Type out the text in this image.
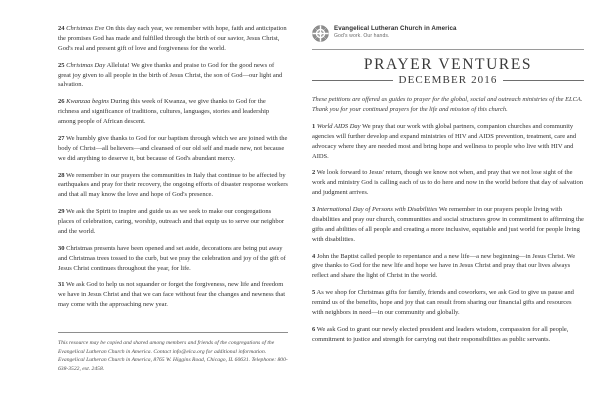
24 Christmas Eve On this day each year, we remember with hope, faith and anticipation the promises God has made and fulfilled through the birth of our savior, Jesus Christ, God's real and present gift of love and forgiveness for the world.
25 Christmas Day Alleluia! We give thanks and praise to God for the good news of great joy given to all people in the birth of Jesus Christ, the son of God—our light and salvation.
26 Kwanzaa begins During this week of Kwanza, we give thanks to God for the richness and significance of traditions, cultures, languages, stories and leadership among people of African descent.
27 We humbly give thanks to God for our baptism through which we are joined with the body of Christ—all believers—and cleansed of our old self and made new, not because we did anything to deserve it, but because of God's abundant mercy.
28 We remember in our prayers the communities in Italy that continue to be affected by earthquakes and pray for their recovery, the ongoing efforts of disaster response workers and that all may know the love and hope of God's presence.
29 We ask the Spirit to inspire and guide us as we seek to make our congregations places of celebration, caring, worship, outreach and that equip us to serve our neighbor and the world.
30 Christmas presents have been opened and set aside, decorations are being put away and Christmas trees tossed to the curb, but we pray the celebration and joy of the gift of Jesus Christ continues throughout the year, for life.
31 We ask God to help us not squander or forget the forgiveness, new life and freedom we have in Jesus Christ and that we can face without fear the changes and newness that may come with the approaching new year.
This resource may be copied and shared among members and friends of the congregations of the Evangelical Lutheran Church in America. Contact info@elca.org for additional information. Evangelical Lutheran Church in America, 8765 W. Higgins Road, Chicago, IL 60631. Telephone: 800-638-3522, ext. 2458.
Evangelical Lutheran Church in America
God's work. Our hands.
PRAYER VENTURES
DECEMBER 2016
These petitions are offered as guides to prayer for the global, social and outreach ministries of the ELCA. Thank you for your continued prayers for the life and mission of this church.
1 World AIDS Day We pray that our work with global partners, companion churches and community agencies will further develop and expand ministries of HIV and AIDS prevention, treatment, care and advocacy where they are needed most and bring hope and wellness to people who live with HIV and AIDS.
2 We look forward to Jesus' return, though we know not when, and pray that we not lose sight of the work and ministry God is calling each of us to do here and now in the world before that day of salvation and judgment arrives.
3 International Day of Persons with Disabilities We remember in our prayers people living with disabilities and pray our church, communities and social structures grow in commitment to affirming the gifts and abilities of all people and creating a more inclusive, equitable and just world for people living with disabilities.
4 John the Baptist called people to repentance and a new life—a new beginning—in Jesus Christ. We give thanks to God for the new life and hope we have in Jesus Christ and pray that our lives always reflect and share the light of Christ in the world.
5 As we shop for Christmas gifts for family, friends and coworkers, we ask God to give us pause and remind us of the benefits, hope and joy that can result from sharing our financial gifts and resources with neighbors in need—in our community and globally.
6 We ask God to grant our newly elected president and leaders wisdom, compassion for all people, commitment to justice and strength for carrying out their responsibilities as public servants.
